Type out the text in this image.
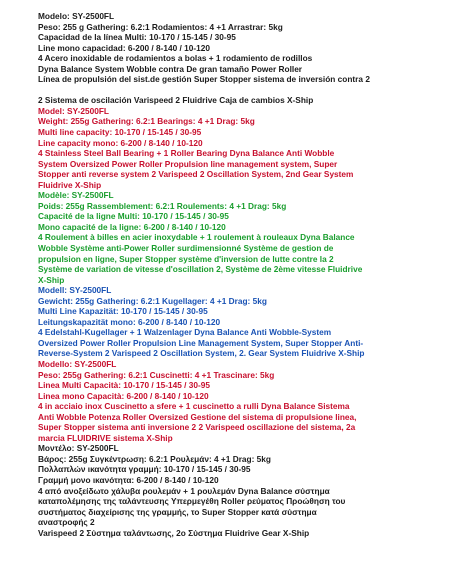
Modelo: SY-2500FL
Peso: 255 g Gathering: 6.2:1 Rodamientos: 4 +1 Arrastrar: 5kg
Capacidad de la línea Multi: 10-170 / 15-145 / 30-95
Line mono capacidad: 6-200 / 8-140 / 10-120
4 Acero inoxidable de rodamientos a bolas + 1 rodamiento de rodillos
Dyna Balance System Wobble contra De gran tamaño Power Roller
Línea de propulsión del sist.de gestión Super Stopper sistema de inversión contra 2
2 Sistema de oscilación Varispeed 2 Fluidrive Caja de cambios X-Ship
Model: SY-2500FL
Weight: 255g Gathering: 6.2:1 Bearings: 4 +1 Drag: 5kg
Multi line capacity: 10-170 / 15-145 / 30-95
Line capacity mono: 6-200 / 8-140 / 10-120
4 Stainless Steel Ball Bearing + 1 Roller Bearing Dyna Balance Anti Wobble
System Oversized Power Roller Propulsion line management system, Super
Stopper anti reverse system 2 Varispeed 2 Oscillation System, 2nd Gear System
Fluidrive X-Ship
Modèle: SY-2500FL
Poids: 255g Rassemblement: 6.2:1 Roulements: 4 +1 Drag: 5kg
Capacité de la ligne Multi: 10-170 / 15-145 / 30-95
Mono capacité de la ligne: 6-200 / 8-140 / 10-120
4 Roulement à billes en acier inoxydable + 1 roulement à rouleaux Dyna Balance
Wobble Système anti-Power Roller surdimensionné Système de gestion de
propulsion en ligne, Super Stopper système d'inversion de lutte contre la 2
Système de variation de vitesse d'oscillation 2, Système de 2ème vitesse Fluidrive
X-Ship
Modell: SY-2500FL
Gewicht: 255g Gathering: 6.2:1 Kugellager: 4 +1 Drag: 5kg
Multi Line Kapazität: 10-170 / 15-145 / 30-95
Leitungskapazität mono: 6-200 / 8-140 / 10-120
4 Edelstahl-Kugellager + 1 Walzenlager Dyna Balance Anti Wobble-System
Oversized Power Roller Propulsion Line Management System, Super Stopper Anti-
Reverse-System 2 Varispeed 2 Oscillation System, 2. Gear System Fluidrive X-Ship
Modello: SY-2500FL
Peso: 255g Gathering: 6.2:1 Cuscinetti: 4 +1 Trascinare: 5kg
Linea Multi Capacità: 10-170 / 15-145 / 30-95
Linea mono Capacità: 6-200 / 8-140 / 10-120
4 in acciaio inox Cuscinetto a sfere + 1 cuscinetto a rulli Dyna Balance Sistema
Anti Wobble Potenza Roller Oversized Gestione del sistema di propulsione linea,
Super Stopper sistema anti inversione 2 2 Varispeed oscillazione del sistema, 2a
marcia FLUIDRIVE sistema X-Ship
Μοντέλο: SY-2500FL
Βάρος: 255g Συγκέντρωση: 6.2:1 Ρουλεμάν: 4 +1 Drag: 5kg
Πολλαπλών ικανότητα γραμμή: 10-170 / 15-145 / 30-95
Γραμμή μονο ικανότητα: 6-200 / 8-140 / 10-120
4 από ανοξείδωτο χάλυβα ρουλεμάν + 1 ρουλεμάν Dyna Balance σύστημα
καταπολέμησης της ταλάντευσης Υπερμεγέθη Roller ρεύματος Προώθηση του
συστήματος διαχείρισης της γραμμής, το Super Stopper κατά σύστημα
αναστροφής 2
Varispeed 2 Σύστημα ταλάντωσης, 2ο Σύστημα Fluidrive Gear X-Ship
